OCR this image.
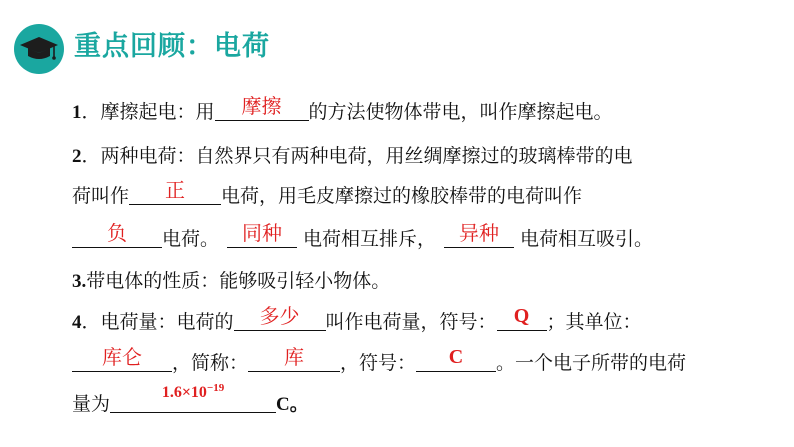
重点回顾：电荷
1．摩擦起电：用	摩擦	的方法使物体带电，叫作摩擦起电。
2．两种电荷：自然界只有两种电荷，用丝绸摩擦过的玻璃棒带的电
荷叫作	正	电荷，用毛皮摩擦过的橡胶棒带的电荷叫作
负	电荷。	同种	电荷相互排斥，	异种	电荷相互吸引。
3.带电体的性质：能够吸引轻小物体。
4．电荷量：电荷的	多少	叫作电荷量，符号： Q ；其单位：
库仑	，简称：	库	，符号：	C	。一个电子所带的电荷
量为
$1.6\times 10^{-19}$
C。
